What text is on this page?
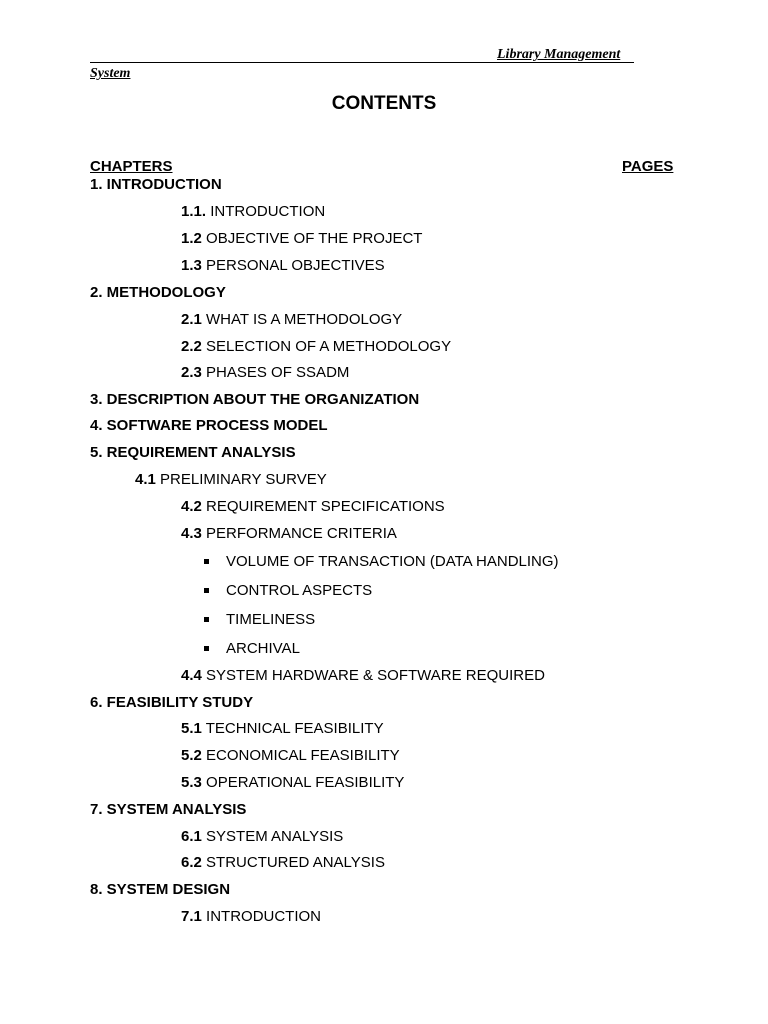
Library Management
System
CONTENTS
CHAPTERS	PAGES
1. INTRODUCTION
1.1. INTRODUCTION
1.2 OBJECTIVE OF THE PROJECT
1.3 PERSONAL OBJECTIVES
2. METHODOLOGY
2.1 WHAT IS A METHODOLOGY
2.2 SELECTION OF A METHODOLOGY
2.3 PHASES OF SSADM
3. DESCRIPTION ABOUT THE ORGANIZATION
4. SOFTWARE PROCESS MODEL
5. REQUIREMENT ANALYSIS
4.1 PRELIMINARY SURVEY
4.2 REQUIREMENT SPECIFICATIONS
4.3 PERFORMANCE CRITERIA
VOLUME OF TRANSACTION (DATA HANDLING)
CONTROL ASPECTS
TIMELINESS
ARCHIVAL
4.4 SYSTEM HARDWARE & SOFTWARE REQUIRED
6. FEASIBILITY STUDY
5.1 TECHNICAL FEASIBILITY
5.2 ECONOMICAL FEASIBILITY
5.3 OPERATIONAL FEASIBILITY
7. SYSTEM ANALYSIS
6.1 SYSTEM ANALYSIS
6.2 STRUCTURED ANALYSIS
8. SYSTEM DESIGN
7.1 INTRODUCTION
